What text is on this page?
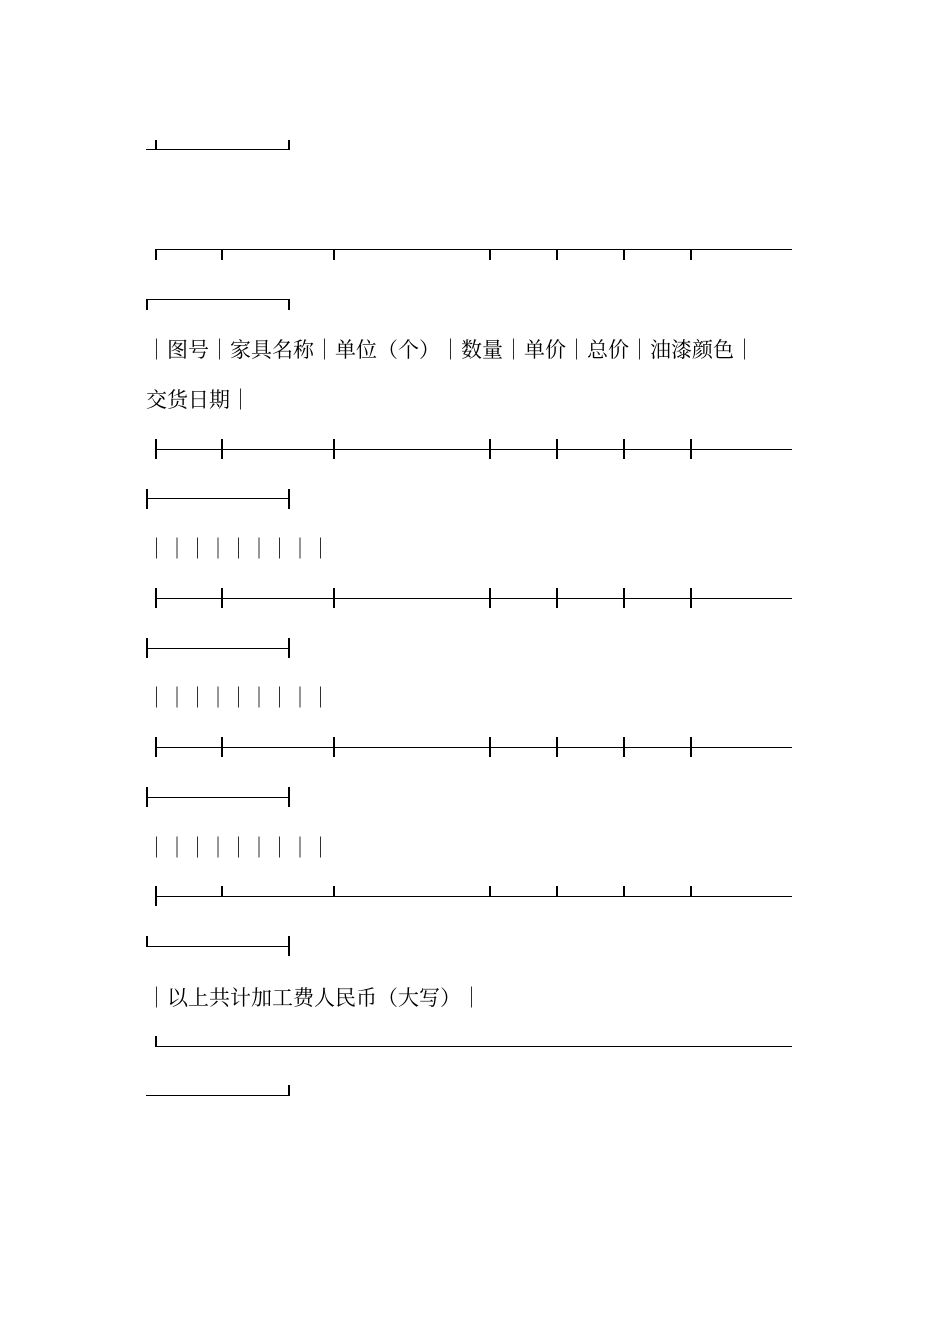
｜图号｜家具名称｜单位（个）｜数量｜单价｜总价｜油漆颜色｜
交货日期｜
｜｜｜｜｜｜｜｜｜
｜｜｜｜｜｜｜｜｜
｜｜｜｜｜｜｜｜｜
｜以上共计加工费人民币（大写）｜
